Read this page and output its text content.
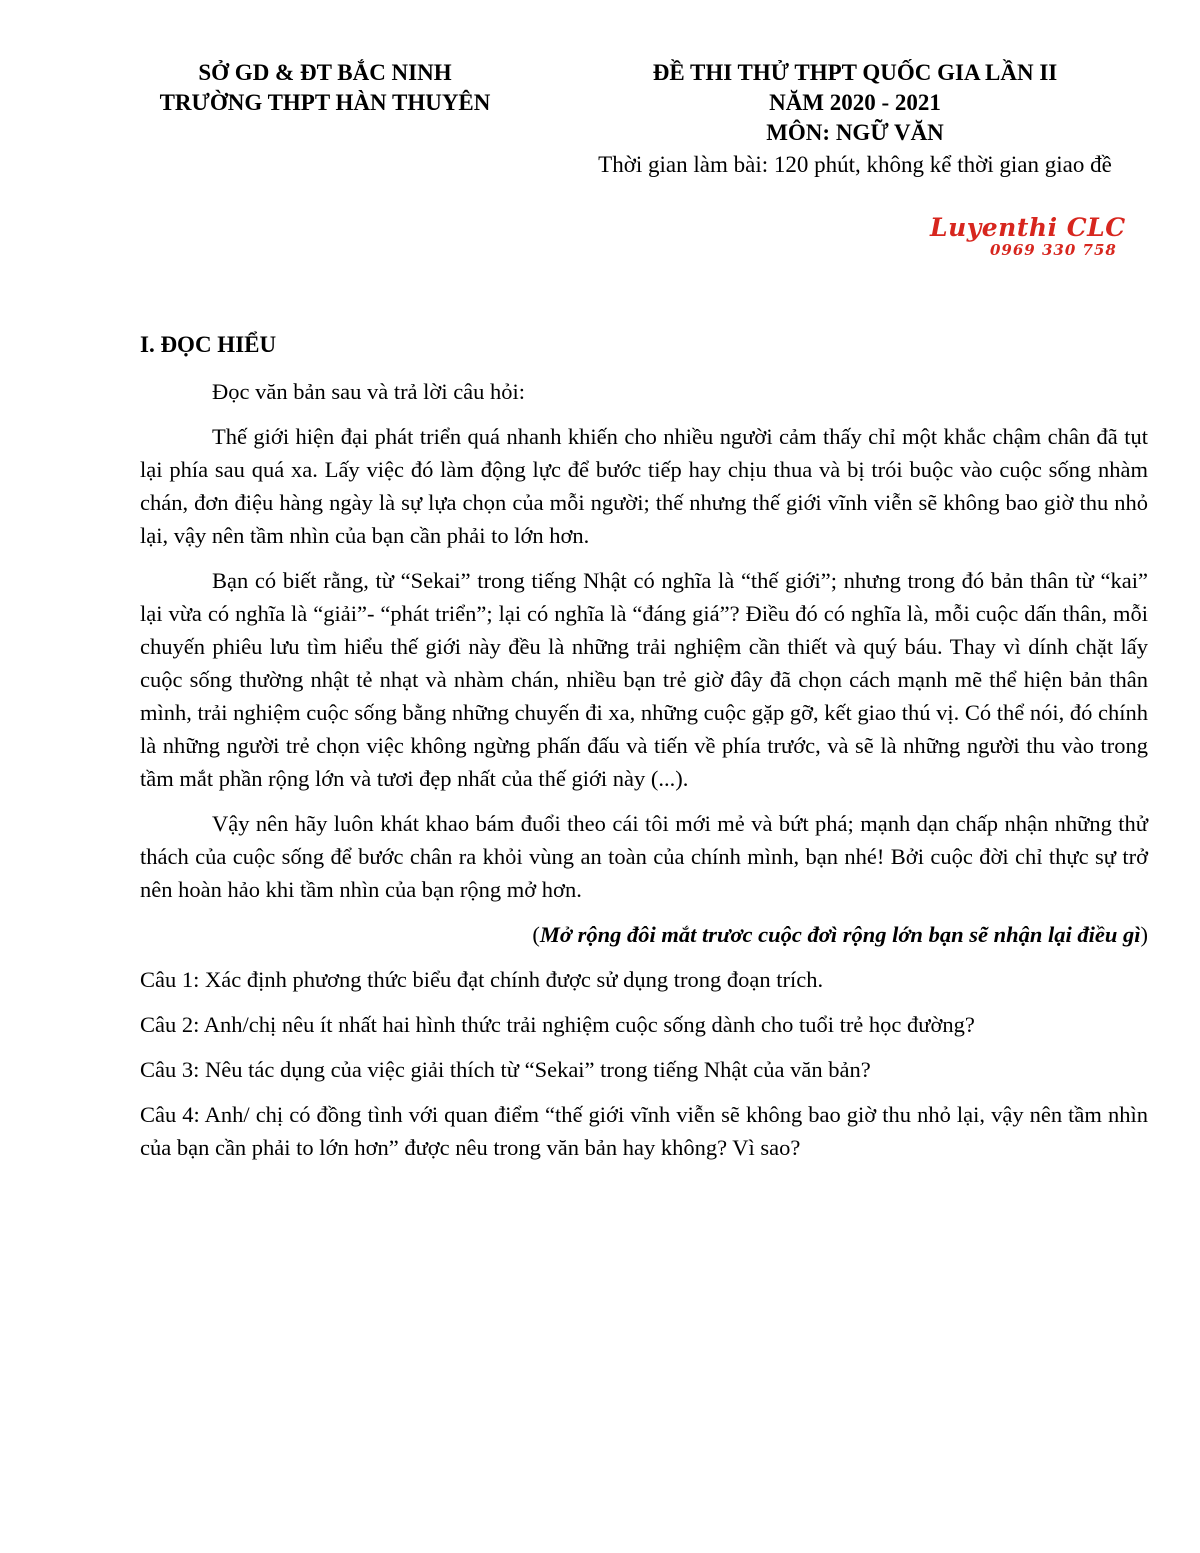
SỞ GD & ĐT BẮC NINH
TRƯỜNG THPT HÀN THUYÊN
ĐỀ THI THỬ THPT QUỐC GIA LẦN II
NĂM 2020 - 2021
MÔN: NGỮ VĂN
Thời gian làm bài: 120 phút, không kể thời gian giao đề
Luyenthi CLC
0969 330 758
I. ĐỌC HIỂU
Đọc văn bản sau và trả lời câu hỏi:
Thế giới hiện đại phát triển quá nhanh khiến cho nhiều người cảm thấy chỉ một khắc chậm chân đã tụt lại phía sau quá xa. Lấy việc đó làm động lực để bước tiếp hay chịu thua và bị trói buộc vào cuộc sống nhàm chán, đơn điệu hàng ngày là sự lựa chọn của mỗi người; thế nhưng thế giới vĩnh viễn sẽ không bao giờ thu nhỏ lại, vậy nên tầm nhìn của bạn cần phải to lớn hơn.
Bạn có biết rằng, từ “Sekai” trong tiếng Nhật có nghĩa là “thế giới”; nhưng trong đó bản thân từ “kai” lại vừa có nghĩa là “giải”- “phát triển”; lại có nghĩa là “đáng giá”? Điều đó có nghĩa là, mỗi cuộc dấn thân, mỗi chuyến phiêu lưu tìm hiểu thế giới này đều là những trải nghiệm cần thiết và quý báu. Thay vì dính chặt lấy cuộc sống thường nhật tẻ nhạt và nhàm chán, nhiều bạn trẻ giờ đây đã chọn cách mạnh mẽ thể hiện bản thân mình, trải nghiệm cuộc sống bằng những chuyến đi xa, những cuộc gặp gỡ, kết giao thú vị. Có thể nói, đó chính là những người trẻ chọn việc không ngừng phấn đấu và tiến về phía trước, và sẽ là những người thu vào trong tầm mắt phần rộng lớn và tươi đẹp nhất của thế giới này (...).
Vậy nên hãy luôn khát khao bám đuổi theo cái tôi mới mẻ và bứt phá; mạnh dạn chấp nhận những thử thách của cuộc sống để bước chân ra khỏi vùng an toàn của chính mình, bạn nhé! Bởi cuộc đời chỉ thực sự trở nên hoàn hảo khi tầm nhìn của bạn rộng mở hơn.
(Mở rộng đôi mắt trươc cuộc đơì rộng lớn bạn sẽ nhận lại điều gì)
Câu 1: Xác định phương thức biểu đạt chính được sử dụng trong đoạn trích.
Câu 2: Anh/chị nêu ít nhất hai hình thức trải nghiệm cuộc sống dành cho tuổi trẻ học đường?
Câu 3: Nêu tác dụng của việc giải thích từ “Sekai” trong tiếng Nhật của văn bản?
Câu 4: Anh/ chị có đồng tình với quan điểm “thế giới vĩnh viễn sẽ không bao giờ thu nhỏ lại, vậy nên tầm nhìn của bạn cần phải to lớn hơn” được nêu trong văn bản hay không? Vì sao?
